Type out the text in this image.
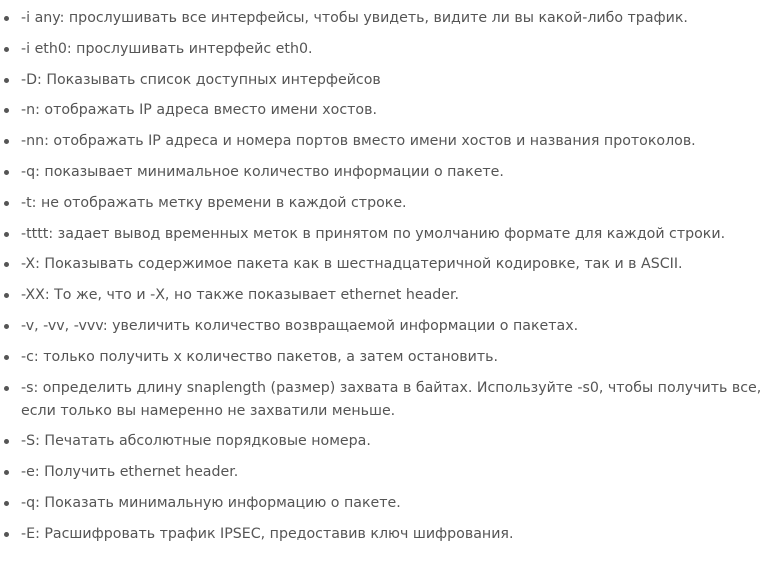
-i any: прослушивать все интерфейсы, чтобы увидеть, видите ли вы какой-либо трафик.
-i eth0: прослушивать интерфейс eth0.
-D: Показывать список доступных интерфейсов
-n: отображать IP адреса вместо имени хостов.
-nn: отображать IP адреса и номера портов вместо имени хостов и названия протоколов.
-q: показывает минимальное количество информации о пакете.
-t: не отображать метку времени в каждой строке.
-tttt: задает вывод временных меток в принятом по умолчанию формате для каждой строки.
-X: Показывать содержимое пакета как в шестнадцатеричной кодировке, так и в ASCII.
-XX: То же, что и -X, но также показывает ethernet header.
-v, -vv, -vvv: увеличить количество возвращаемой информации о пакетах.
-c: только получить x количество пакетов, а затем остановить.
-s: определить длину snaplength (размер) захвата в байтах. Используйте -s0, чтобы получить все, если только вы намеренно не захватили меньше.
-S: Печатать абсолютные порядковые номера.
-e: Получить ethernet header.
-q: Показать минимальную информацию о пакете.
-E: Расшифровать трафик IPSEC, предоставив ключ шифрования.
